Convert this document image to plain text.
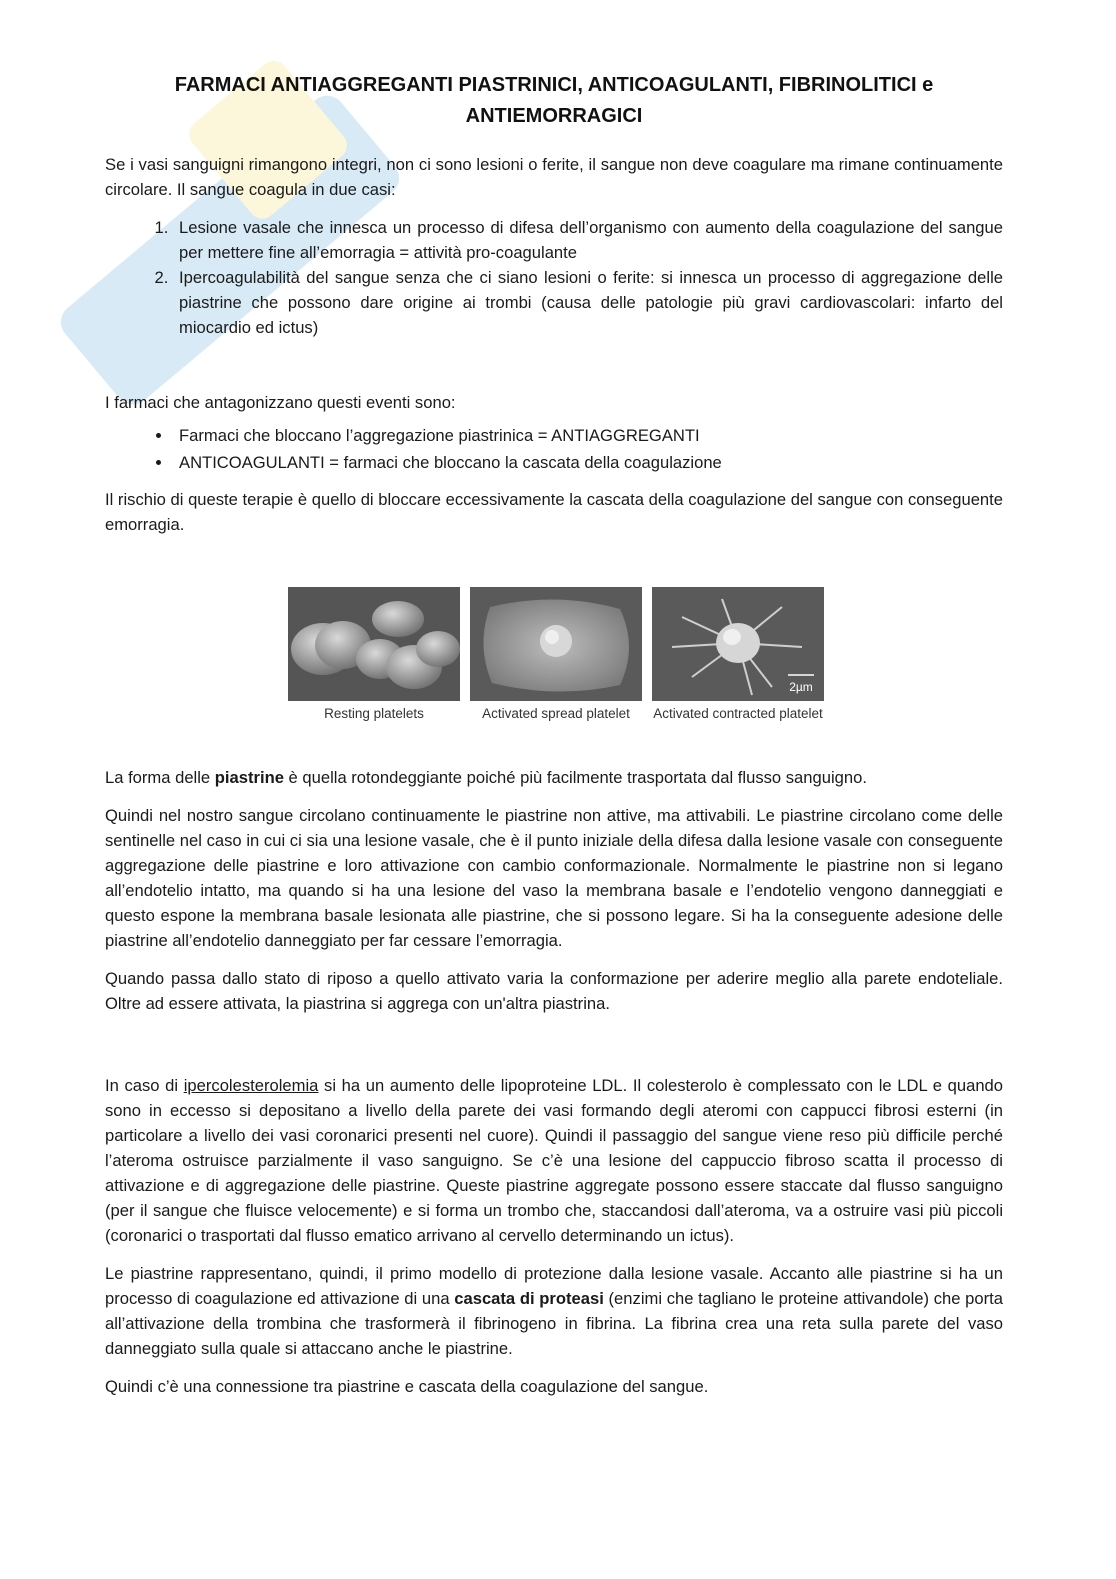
FARMACI ANTIAGGREGANTI PIASTRINICI, ANTICOAGULANTI, FIBRINOLITICI e
ANTIEMORRAGICI

Se i vasi sanguigni rimangono integri, non ci sono lesioni o ferite, il sangue non deve coagulare ma rimane continuamente circolare. Il sangue coagula in due casi:

1. Lesione vasale che innesca un processo di difesa dell’organismo con aumento della coagulazione del sangue per mettere fine all’emorragia = attività pro-coagulante
2. Ipercoagulabilità del sangue senza che ci siano lesioni o ferite: si innesca un processo di aggregazione delle piastrine che possono dare origine ai trombi (causa delle patologie più gravi cardiovascolari: infarto del miocardio ed ictus)

I farmaci che antagonizzano questi eventi sono:

• Farmaci che bloccano l’aggregazione piastrinica = ANTIAGGREGANTI
• ANTICOAGULANTI = farmaci che bloccano la cascata della coagulazione

Il rischio di queste terapie è quello di bloccare eccessivamente la cascata della coagulazione del sangue con conseguente emorragia.

2µm
Resting platelets	Activated spread platelet	Activated contracted platelet

La forma delle piastrine è quella rotondeggiante poiché più facilmente trasportata dal flusso sanguigno.

Quindi nel nostro sangue circolano continuamente le piastrine non attive, ma attivabili. Le piastrine circolano come delle sentinelle nel caso in cui ci sia una lesione vasale, che è il punto iniziale della difesa dalla lesione vasale con conseguente aggregazione delle piastrine e loro attivazione con cambio conformazionale. Normalmente le piastrine non si legano all’endotelio intatto, ma quando si ha una lesione del vaso la membrana basale e l’endotelio vengono danneggiati e questo espone la membrana basale lesionata alle piastrine, che si possono legare. Si ha la conseguente adesione delle piastrine all’endotelio danneggiato per far cessare l’emorragia.

Quando passa dallo stato di riposo a quello attivato varia la conformazione per aderire meglio alla parete endoteliale. Oltre ad essere attivata, la piastrina si aggrega con un'altra piastrina.

In caso di ipercolesterolemia si ha un aumento delle lipoproteine LDL. Il colesterolo è complessato con le LDL e quando sono in eccesso si depositano a livello della parete dei vasi formando degli ateromi con cappucci fibrosi esterni (in particolare a livello dei vasi coronarici presenti nel cuore). Quindi il passaggio del sangue viene reso più difficile perché l’ateroma ostruisce parzialmente il vaso sanguigno. Se c’è una lesione del cappuccio fibroso scatta il processo di attivazione e di aggregazione delle piastrine. Queste piastrine aggregate possono essere staccate dal flusso sanguigno (per il sangue che fluisce velocemente) e si forma un trombo che, staccandosi dall’ateroma, va a ostruire vasi più piccoli (coronarici o trasportati dal flusso ematico arrivano al cervello determinando un ictus).

Le piastrine rappresentano, quindi, il primo modello di protezione dalla lesione vasale. Accanto alle piastrine si ha un processo di coagulazione ed attivazione di una cascata di proteasi (enzimi che tagliano le proteine attivandole) che porta all’attivazione della trombina che trasformerà il fibrinogeno in fibrina. La fibrina crea una reta sulla parete del vaso danneggiato sulla quale si attaccano anche le piastrine.

Quindi c’è una connessione tra piastrine e cascata della coagulazione del sangue.
